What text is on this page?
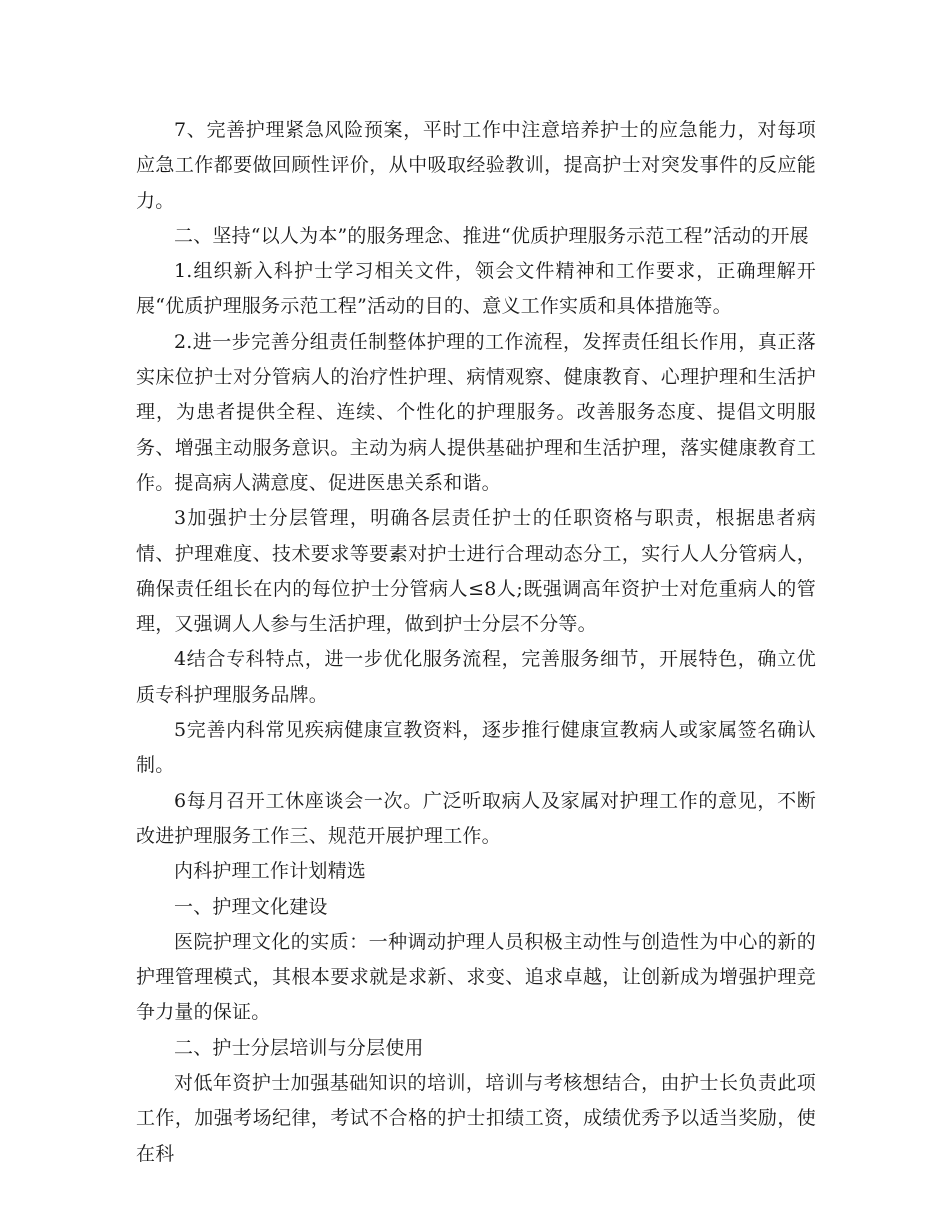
7、完善护理紧急风险预案，平时工作中注意培养护士的应急能力，对每项应急工作都要做回顾性评价，从中吸取经验教训，提高护士对突发事件的反应能力。

二、坚持“以人为本”的服务理念、推进“优质护理服务示范工程”活动的开展

1.组织新入科护士学习相关文件，领会文件精神和工作要求，正确理解开展“优质护理服务示范工程”活动的目的、意义工作实质和具体措施等。

2.进一步完善分组责任制整体护理的工作流程，发挥责任组长作用，真正落实床位护士对分管病人的治疗性护理、病情观察、健康教育、心理护理和生活护理，为患者提供全程、连续、个性化的护理服务。改善服务态度、提倡文明服务、增强主动服务意识。主动为病人提供基础护理和生活护理，落实健康教育工作。提高病人满意度、促进医患关系和谐。

3加强护士分层管理，明确各层责任护士的任职资格与职责，根据患者病情、护理难度、技术要求等要素对护士进行合理动态分工，实行人人分管病人，确保责任组长在内的每位护士分管病人≤8人;既强调高年资护士对危重病人的管理，又强调人人参与生活护理，做到护士分层不分等。

4结合专科特点，进一步优化服务流程，完善服务细节，开展特色，确立优质专科护理服务品牌。

5完善内科常见疾病健康宣教资料，逐步推行健康宣教病人或家属签名确认制。

6每月召开工休座谈会一次。广泛听取病人及家属对护理工作的意见，不断改进护理服务工作三、规范开展护理工作。

内科护理工作计划精选

一、护理文化建设

医院护理文化的实质：一种调动护理人员积极主动性与创造性为中心的新的护理管理模式，其根本要求就是求新、求变、追求卓越，让创新成为增强护理竞争力量的保证。

二、护士分层培训与分层使用

对低年资护士加强基础知识的培训，培训与考核想结合，由护士长负责此项工作，加强考场纪律，考试不合格的护士扣绩工资，成绩优秀予以适当奖励，使在科
